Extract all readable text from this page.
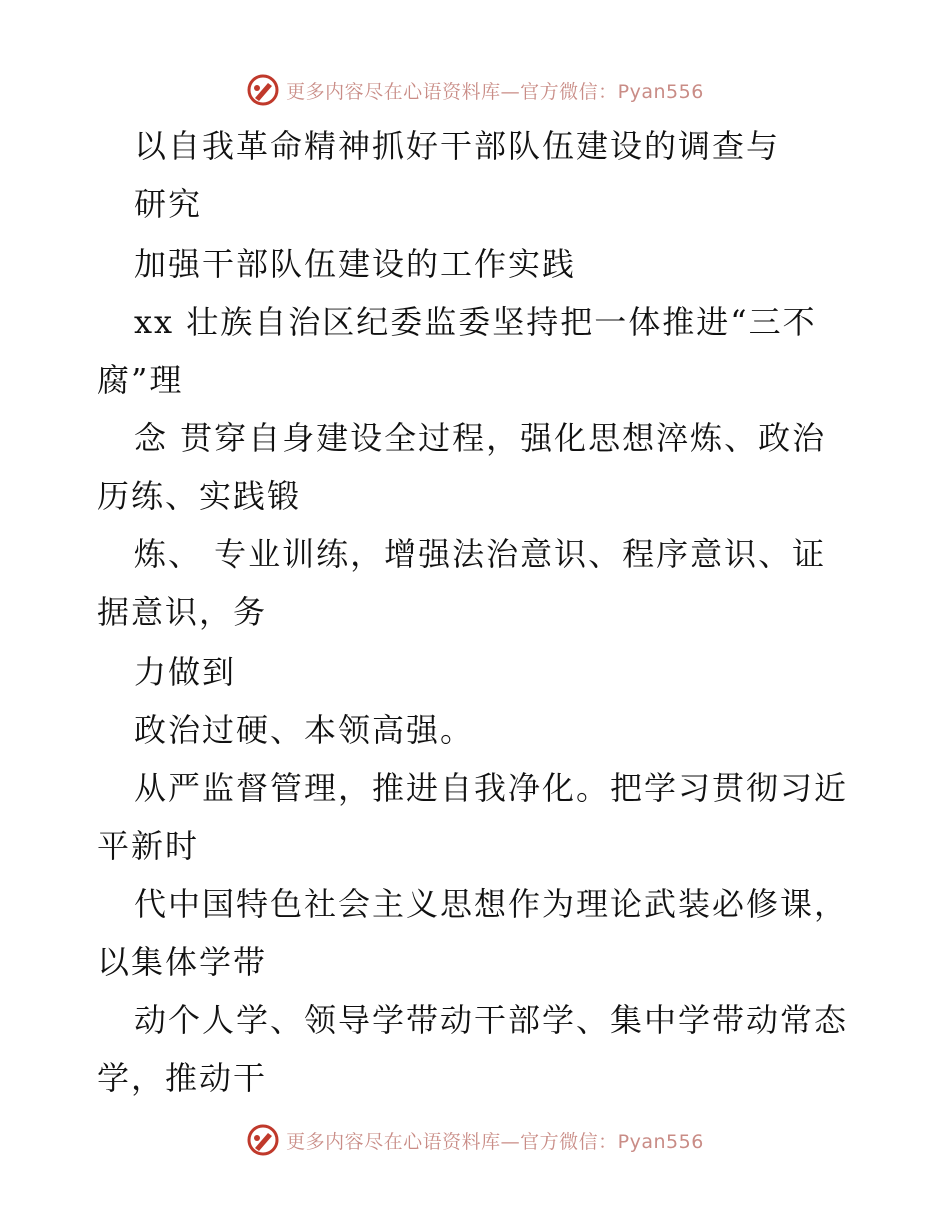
更多内容尽在心语资料库—官方微信：Pyan556
以自我革命精神抓好干部队伍建设的调查与
研究
加强干部队伍建设的工作实践
xx 壮族自治区纪委监委坚持把一体推进“三不
腐”理
念 贯穿自身建设全过程，强化思想淬炼、政治
历练、实践锻
炼、 专业训练，增强法治意识、程序意识、证
据意识，务
力做到
政治过硬、本领高强。
从严监督管理，推进自我净化。把学习贯彻习近
平新时
代中国特色社会主义思想作为理论武装必修课，
以集体学带
动个人学、领导学带动干部学、集中学带动常态
学，推动干
更多内容尽在心语资料库—官方微信：Pyan556
